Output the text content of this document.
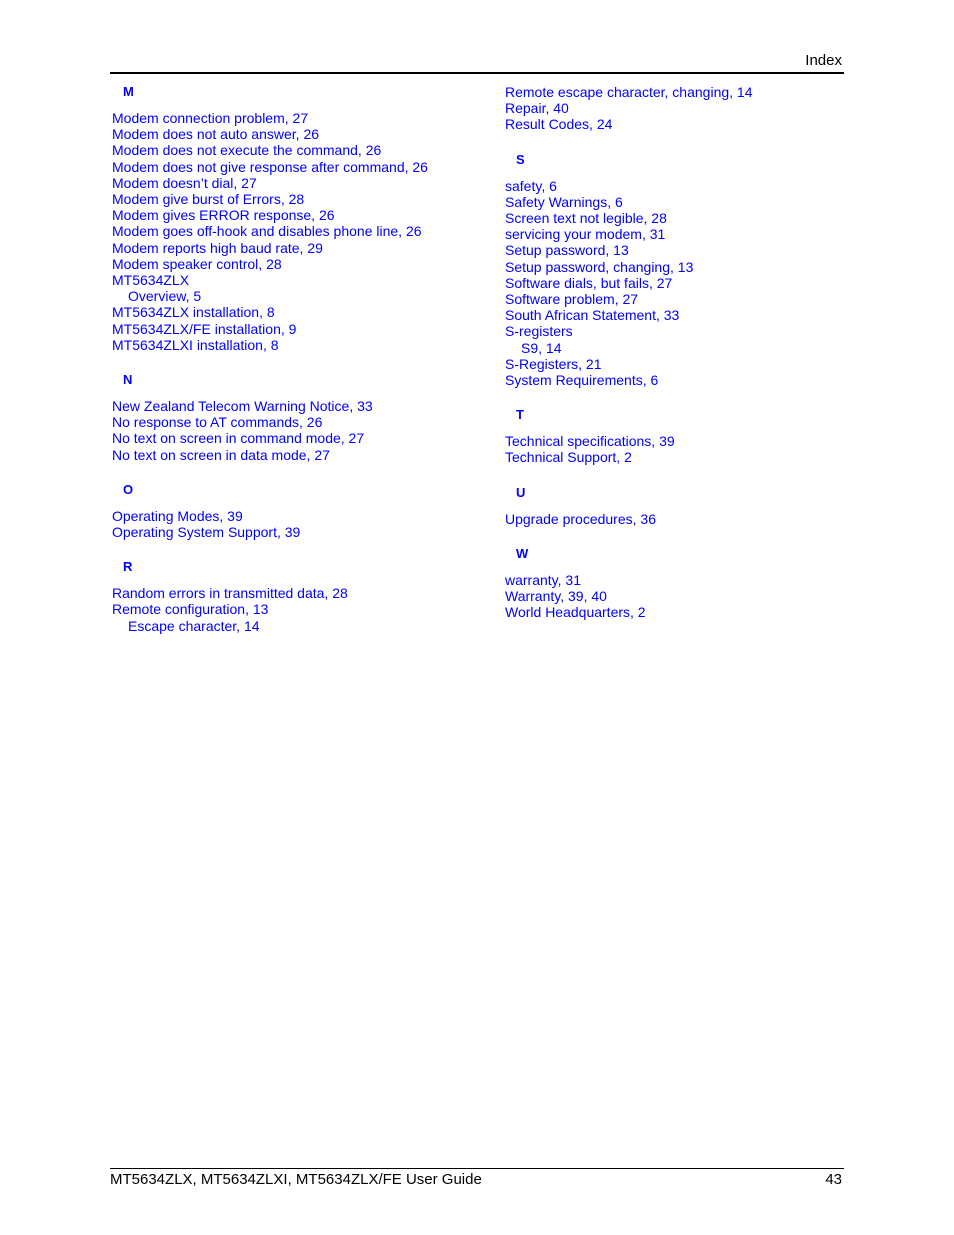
Index
M
Modem connection problem, 27
Modem does not auto answer, 26
Modem does not execute the command, 26
Modem does not give response after command, 26
Modem doesn’t dial, 27
Modem give burst of Errors, 28
Modem gives ERROR response, 26
Modem goes off-hook and disables phone line, 26
Modem reports high baud rate, 29
Modem speaker control, 28
MT5634ZLX
Overview, 5
MT5634ZLX installation, 8
MT5634ZLX/FE installation, 9
MT5634ZLXI installation, 8
N
New Zealand Telecom Warning Notice, 33
No response to AT commands, 26
No text on screen in command mode, 27
No text on screen in data mode, 27
O
Operating Modes, 39
Operating System Support, 39
R
Random errors in transmitted data, 28
Remote configuration, 13
Escape character, 14
Remote escape character, changing, 14
Repair, 40
Result Codes, 24
S
safety, 6
Safety Warnings, 6
Screen text not legible, 28
servicing your modem, 31
Setup password, 13
Setup password, changing, 13
Software dials, but fails, 27
Software problem, 27
South African Statement, 33
S-registers
S9, 14
S-Registers, 21
System Requirements, 6
T
Technical specifications, 39
Technical Support, 2
U
Upgrade procedures, 36
W
warranty, 31
Warranty, 39, 40
World Headquarters, 2
MT5634ZLX, MT5634ZLXI, MT5634ZLX/FE User Guide	43
